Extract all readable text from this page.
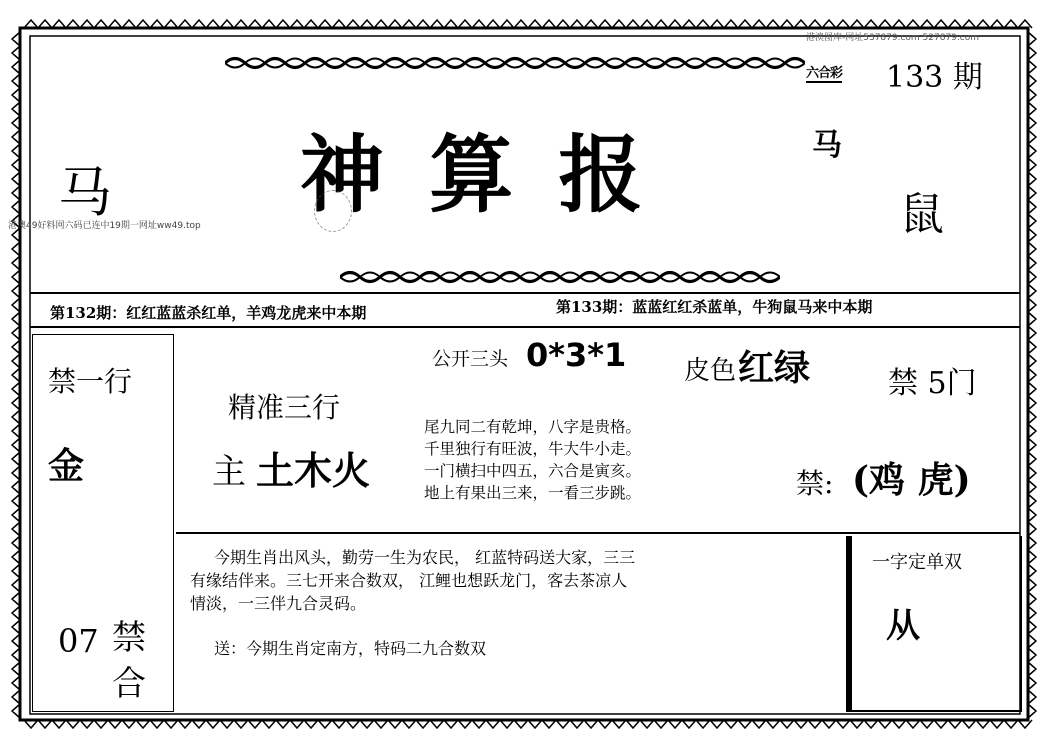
港澳图库-网址537879.com 527879.com
港澳49好料网六码已连中19期一网址ww49.top
六合彩 133 期
神 算 报	马
马	鼠
第132期：红红蓝蓝杀红单，羊鸡龙虎来中本期	第133期：蓝蓝红红杀蓝单，牛狗鼠马来中本期
禁一行
金
07 禁
合
公开三头 0*3*1 皮色 红绿	禁 5门
精准三行
主 土木火
尾九同二有乾坤，八字是贵格。
千里独行有旺波，牛大牛小走。
一门横扫中四五，六合是寅亥。
地上有果出三来，一看三步跳。	禁: (鸡 虎)
今期生肖出风头，勤劳一生为农民， 红蓝特码送大家，三三
有缘结伴来。三七开来合数双， 江鲤也想跃龙门，客去茶凉人
情淡，一三伴九合灵码。
送：今期生肖定南方，特码二九合数双
一字定单双
从
